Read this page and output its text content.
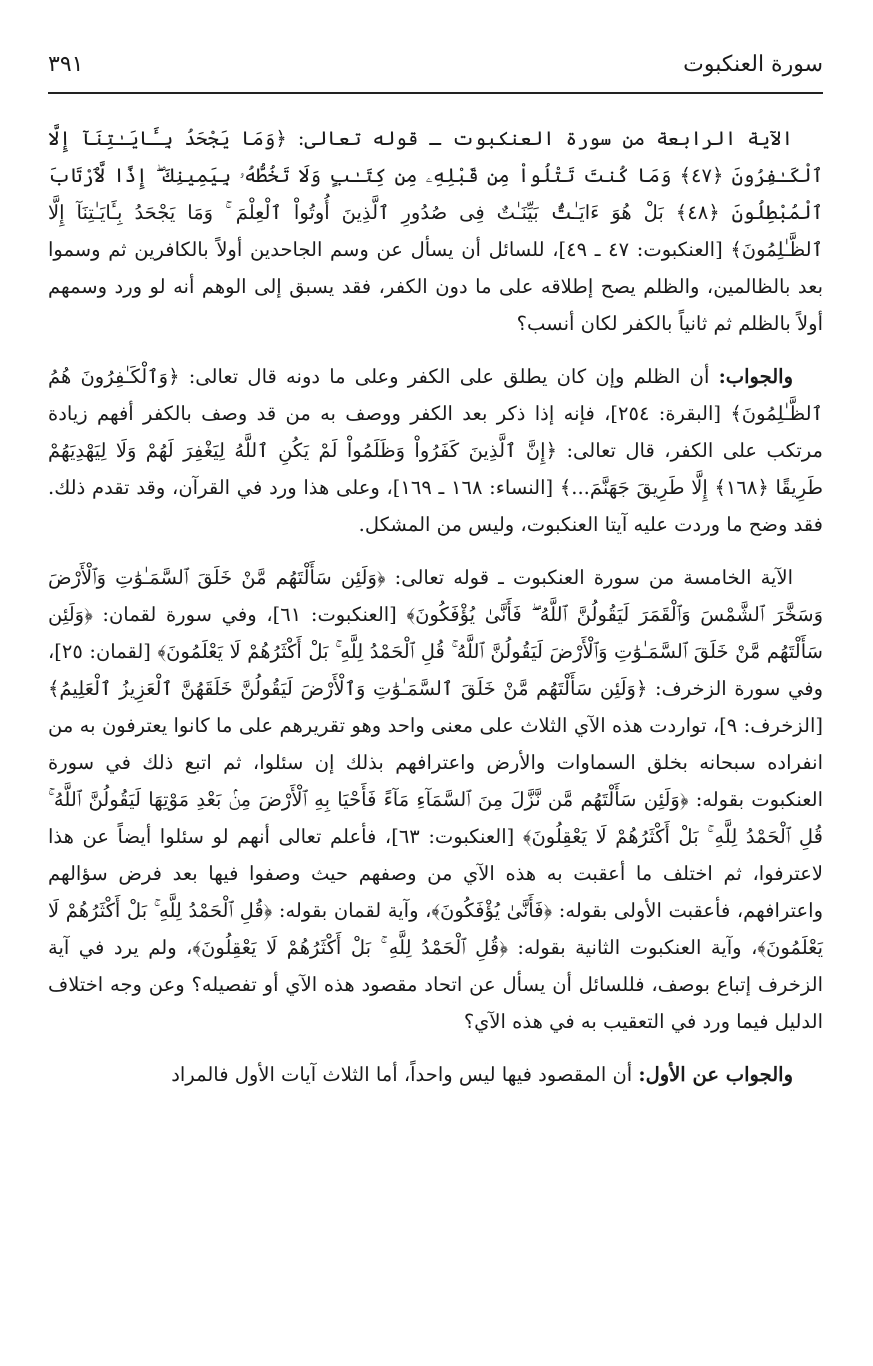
سورة العنكبوت
٣٩١

الآية الرابعة من سورة العنكبوت ـ قوله تعالى: ﴿وَمَا يَجْحَدُ بِـَٔايَـٰتِنَآ إِلَّا ٱلْكَـٰفِرُونَ ﴿٤٧﴾ وَمَا كُنتَ تَتْلُواْ مِن قَبْلِهِۦ مِن كِتَـٰبٍ وَلَا تَخُطُّهُۥ بِيَمِينِكَ ۖ إِذًا لَّٱرْتَابَ ٱلْمُبْطِلُونَ ﴿٤٨﴾ بَلْ هُوَ ءَايَـٰتٌۢ بَيِّنَـٰتٌ فِى صُدُورِ ٱلَّذِينَ أُوتُواْ ٱلْعِلْمَ ۚ وَمَا يَجْحَدُ بِـَٔايَـٰتِنَآ إِلَّا ٱلظَّـٰلِمُونَ﴾ [العنكبوت: ٤٧ ـ ٤٩]، للسائل أن يسأل عن وسم الجاحدين أولاً بالكافرين ثم وسموا بعد بالظالمين، والظلم يصح إطلاقه على ما دون الكفر، فقد يسبق إلى الوهم أنه لو ورد وسمهم أولاً بالظلم ثم ثانياً بالكفر لكان أنسب؟

والجواب: أن الظلم وإن كان يطلق على الكفر وعلى ما دونه قال تعالى: ﴿وَٱلْكَـٰفِرُونَ هُمُ ٱلظَّـٰلِمُونَ﴾ [البقرة: ٢٥٤]، فإنه إذا ذكر بعد الكفر ووصف به من قد وصف بالكفر أفهم زيادة مرتكب على الكفر، قال تعالى: ﴿إِنَّ ٱلَّذِينَ كَفَرُواْ وَظَلَمُواْ لَمْ يَكُنِ ٱللَّهُ لِيَغْفِرَ لَهُمْ وَلَا لِيَهْدِيَهُمْ طَرِيقًا ﴿١٦٨﴾ إِلَّا طَرِيقَ جَهَنَّمَ...﴾ [النساء: ١٦٨ ـ ١٦٩]، وعلى هذا ورد في القرآن، وقد تقدم ذلك. فقد وضح ما وردت عليه آيتا العنكبوت، وليس من المشكل.

الآية الخامسة من سورة العنكبوت ـ قوله تعالى: ﴿وَلَئِن سَأَلْتَهُم مَّنْ خَلَقَ ٱلسَّمَـٰوَٰتِ وَٱلْأَرْضَ وَسَخَّرَ ٱلشَّمْسَ وَٱلْقَمَرَ لَيَقُولُنَّ ٱللَّهُ ۖ فَأَنَّىٰ يُؤْفَكُونَ﴾ [العنكبوت: ٦١]، وفي سورة لقمان: ﴿وَلَئِن سَأَلْتَهُم مَّنْ خَلَقَ ٱلسَّمَـٰوَٰتِ وَٱلْأَرْضَ لَيَقُولُنَّ ٱللَّهُ ۚ قُلِ ٱلْحَمْدُ لِلَّهِ ۚ بَلْ أَكْثَرُهُمْ لَا يَعْلَمُونَ﴾ [لقمان: ٢٥]، وفي سورة الزخرف: ﴿وَلَئِن سَأَلْتَهُم مَّنْ خَلَقَ ٱلسَّمَـٰوَٰتِ وَٱلْأَرْضَ لَيَقُولُنَّ خَلَقَهُنَّ ٱلْعَزِيزُ ٱلْعَلِيمُ﴾ [الزخرف: ٩]، تواردت هذه الآي الثلاث على معنى واحد وهو تقريرهم على ما كانوا يعترفون به من انفراده سبحانه بخلق السماوات والأرض واعترافهم بذلك إن سئلوا، ثم اتبع ذلك في سورة العنكبوت بقوله: ﴿وَلَئِن سَأَلْتَهُم مَّن نَّزَّلَ مِنَ ٱلسَّمَآءِ مَآءً فَأَحْيَا بِهِ ٱلْأَرْضَ مِنۢ بَعْدِ مَوْتِهَا لَيَقُولُنَّ ٱللَّهُ ۚ قُلِ ٱلْحَمْدُ لِلَّهِ ۚ بَلْ أَكْثَرُهُمْ لَا يَعْقِلُونَ﴾ [العنكبوت: ٦٣]، فأعلم تعالى أنهم لو سئلوا أيضاً عن هذا لاعترفوا، ثم اختلف ما أعقبت به هذه الآي من وصفهم حيث وصفوا فيها بعد فرض سؤالهم واعترافهم، فأعقبت الأولى بقوله: ﴿فَأَنَّىٰ يُؤْفَكُونَ﴾، وآية لقمان بقوله: ﴿قُلِ ٱلْحَمْدُ لِلَّهِ ۚ بَلْ أَكْثَرُهُمْ لَا يَعْلَمُونَ﴾، وآية العنكبوت الثانية بقوله: ﴿قُلِ ٱلْحَمْدُ لِلَّهِ ۚ بَلْ أَكْثَرُهُمْ لَا يَعْقِلُونَ﴾، ولم يرد في آية الزخرف إتباع بوصف، فللسائل أن يسأل عن اتحاد مقصود هذه الآي أو تفصيله؟ وعن وجه اختلاف الدليل فيما ورد في التعقيب به في هذه الآي؟

والجواب عن الأول: أن المقصود فيها ليس واحداً، أما الثلاث آيات الأول فالمراد
